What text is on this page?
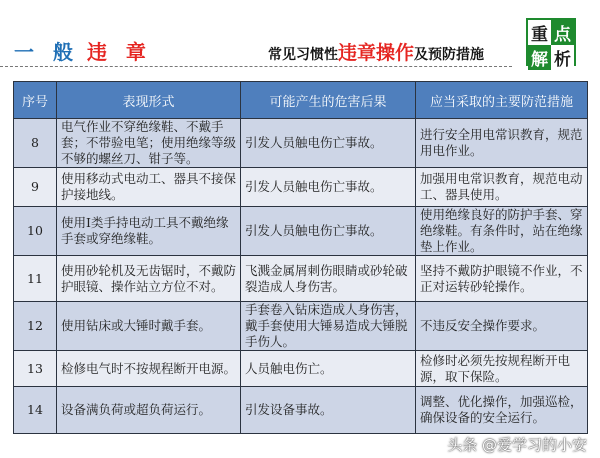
一 般 违 章	常见习惯性违章操作及预防措施
重 点
解 析
序号	表现形式	可能产生的危害后果	应当采取的主要防范措施
8	电气作业不穿绝缘鞋、不戴手套；不带验电笔；使用绝缘等级不够的螺丝刀、钳子等。	引发人员触电伤亡事故。	进行安全用电常识教育，规范用电作业。
9	使用移动式电动工、器具不接保护接地线。	引发人员触电伤亡事故。	加强用电常识教育，规范电动工、器具使用。
10	使用I类手持电动工具不戴绝缘手套或穿绝缘鞋。	引发人员触电伤亡事故。	使用绝缘良好的防护手套、穿绝缘鞋。有条件时，站在绝缘垫上作业。
11	使用砂轮机及无齿锯时，不戴防护眼镜、操作站立方位不对。	飞溅金属屑刺伤眼睛或砂轮破裂造成人身伤害。	坚持不戴防护眼镜不作业，不正对运转砂轮操作。
12	使用钻床或大锤时戴手套。	手套卷入钻床造成人身伤害，戴手套使用大锤易造成大锤脱手伤人。	不违反安全操作要求。
13	检修电气时不按规程断开电源。	人员触电伤亡。	检修时必须先按规程断开电源，取下保险。
14	设备满负荷或超负荷运行。	引发设备事故。	调整、优化操作，加强巡检，确保设备的安全运行。
头条 @爱学习的小安
